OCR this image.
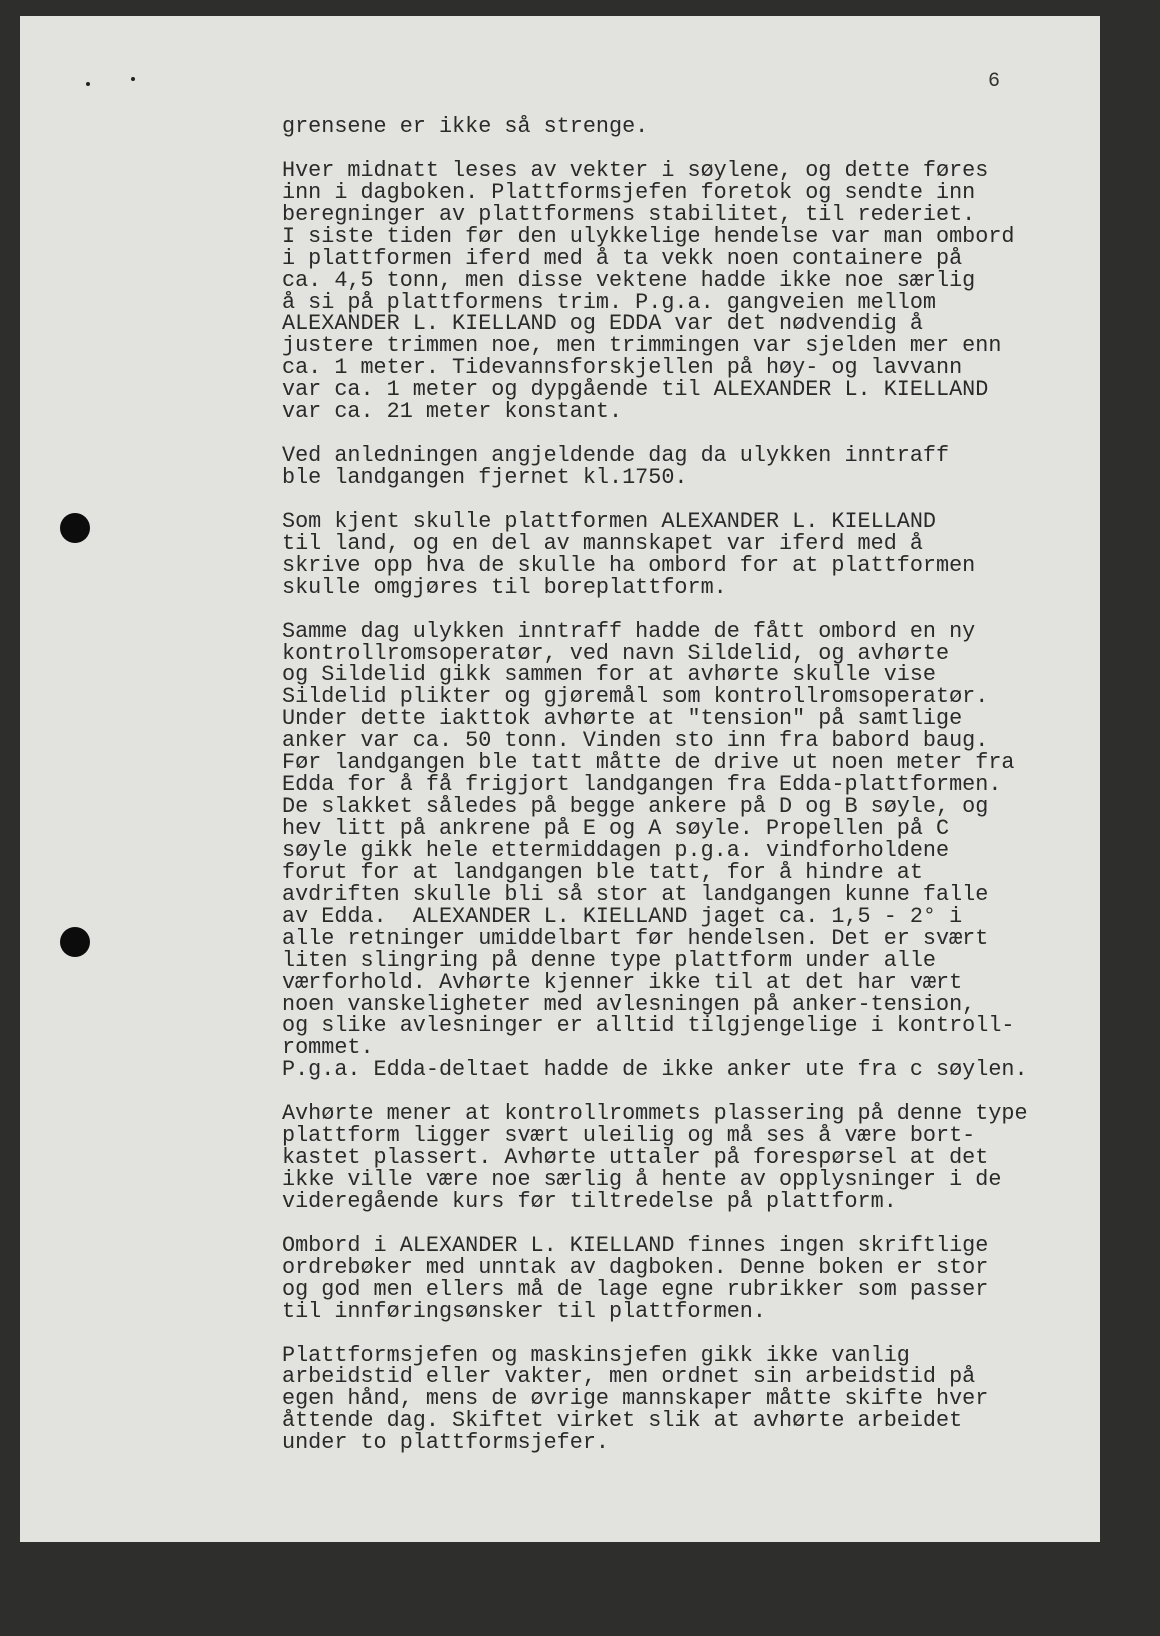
6
grensene er ikke så strenge.
Hver midnatt leses av vekter i søylene, og dette føres
inn i dagboken. Plattformsjefen foretok og sendte inn
beregninger av plattformens stabilitet, til rederiet.
I siste tiden før den ulykkelige hendelse var man ombord
i plattformen iferd med å ta vekk noen containere på
ca. 4,5 tonn, men disse vektene hadde ikke noe særlig
å si på plattformens trim. P.g.a. gangveien mellom
ALEXANDER L. KIELLAND og EDDA var det nødvendig å
justere trimmen noe, men trimmingen var sjelden mer enn
ca. 1 meter. Tidevannsforskjellen på høy- og lavvann
var ca. 1 meter og dypgående til ALEXANDER L. KIELLAND
var ca. 21 meter konstant.
Ved anledningen angjeldende dag da ulykken inntraff
ble landgangen fjernet kl.1750.
Som kjent skulle plattformen ALEXANDER L. KIELLAND
til land, og en del av mannskapet var iferd med å
skrive opp hva de skulle ha ombord for at plattformen
skulle omgjøres til boreplattform.
Samme dag ulykken inntraff hadde de fått ombord en ny
kontrollromsoperatør, ved navn Sildelid, og avhørte
og Sildelid gikk sammen for at avhørte skulle vise
Sildelid plikter og gjøremål som kontrollromsoperatør.
Under dette iakttok avhørte at "tension" på samtlige
anker var ca. 50 tonn. Vinden sto inn fra babord baug.
Før landgangen ble tatt måtte de drive ut noen meter fra
Edda for å få frigjort landgangen fra Edda-plattformen.
De slakket således på begge ankere på D og B søyle, og
hev litt på ankrene på E og A søyle. Propellen på C
søyle gikk hele ettermiddagen p.g.a. vindforholdene
forut for at landgangen ble tatt, for å hindre at
avdriften skulle bli så stor at landgangen kunne falle
av Edda.  ALEXANDER L. KIELLAND jaget ca. 1,5 - 2° i
alle retninger umiddelbart før hendelsen. Det er svært
liten slingring på denne type plattform under alle
værforhold. Avhørte kjenner ikke til at det har vært
noen vanskeligheter med avlesningen på anker-tension,
og slike avlesninger er alltid tilgjengelige i kontroll-
rommet.
P.g.a. Edda-deltaet hadde de ikke anker ute fra c søylen.
Avhørte mener at kontrollrommets plassering på denne type
plattform ligger svært uleilig og må ses å være bort-
kastet plassert. Avhørte uttaler på forespørsel at det
ikke ville være noe særlig å hente av opplysninger i de
videregående kurs før tiltredelse på plattform.
Ombord i ALEXANDER L. KIELLAND finnes ingen skriftlige
ordrebøker med unntak av dagboken. Denne boken er stor
og god men ellers må de lage egne rubrikker som passer
til innføringsønsker til plattformen.
Plattformsjefen og maskinsjefen gikk ikke vanlig
arbeidstid eller vakter, men ordnet sin arbeidstid på
egen hånd, mens de øvrige mannskaper måtte skifte hver
åttende dag. Skiftet virket slik at avhørte arbeidet
under to plattformsjefer.
